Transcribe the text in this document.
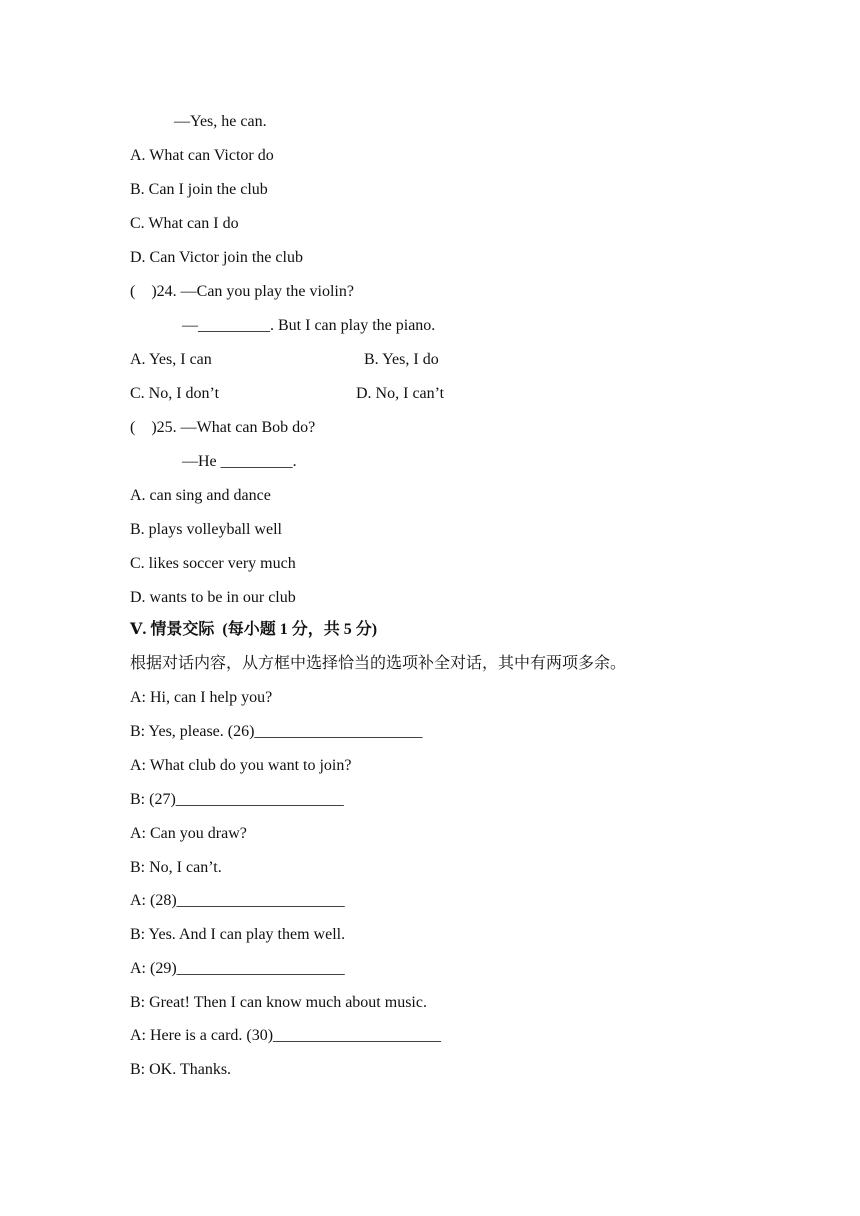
—Yes, he can.
A. What can Victor do
B. Can I join the club
C. What can I do
D. Can Victor join the club
(    )24. —Can you play the violin?
—_________. But I can play the piano.
A. Yes, I can	B. Yes, I do
C. No, I don’t	D. No, I can’t
(    )25. —What can Bob do?
—He _________.
A. can sing and dance
B. plays volleyball well
C. likes soccer very much
D. wants to be in our club
Ⅴ. 情景交际  (每小题 1 分，共 5 分)
根据对话内容，从方框中选择恰当的选项补全对话，其中有两项多余。
A: Hi, can I help you?
B: Yes, please. (26)_____________________
A: What club do you want to join?
B: (27)_____________________
A: Can you draw?
B: No, I can’t.
A: (28)_____________________
B: Yes. And I can play them well.
A: (29)_____________________
B: Great! Then I can know much about music.
A: Here is a card. (30)_____________________
B: OK. Thanks.
